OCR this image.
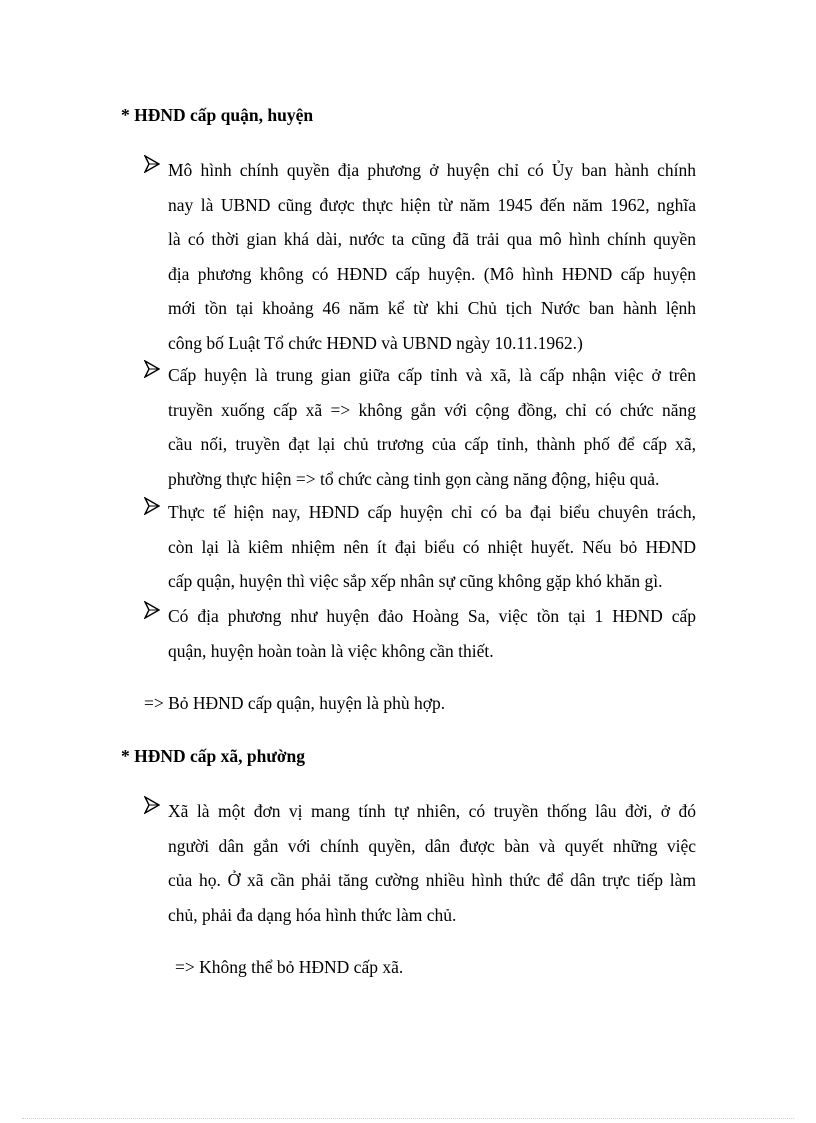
* HĐND cấp quận, huyện
Mô hình chính quyền địa phương ở huyện chỉ có Ủy ban hành chính
nay là UBND cũng được thực hiện từ năm 1945 đến năm 1962, nghĩa
là có thời gian khá dài, nước ta cũng đã trải qua mô hình chính quyền
địa phương không có HĐND cấp huyện. (Mô hình HĐND cấp huyện
mới tồn tại khoảng 46 năm kể từ khi Chủ tịch Nước ban hành lệnh
công bố Luật Tổ chức HĐND và UBND ngày 10.11.1962.)
Cấp huyện là trung gian giữa cấp tỉnh và xã, là cấp nhận việc ở trên
truyền xuống cấp xã => không gắn với cộng đồng, chỉ có chức năng
cầu nối, truyền đạt lại chủ trương của cấp tỉnh, thành phố để cấp xã,
phường thực hiện => tổ chức càng tinh gọn càng năng động, hiệu quả.
Thực tế hiện nay, HĐND cấp huyện chỉ có ba đại biểu chuyên trách,
còn lại là kiêm nhiệm nên ít đại biểu có nhiệt huyết. Nếu bỏ HĐND
cấp quận, huyện thì việc sắp xếp nhân sự cũng không gặp khó khăn gì.
Có địa phương như huyện đảo Hoàng Sa, việc tồn tại 1 HĐND cấp
quận, huyện hoàn toàn là việc không cần thiết.
=> Bỏ HĐND cấp quận, huyện là phù hợp.
* HĐND cấp xã, phường
Xã là một đơn vị mang tính tự nhiên, có truyền thống lâu đời, ở đó
người dân gắn với chính quyền, dân được bàn và quyết những việc
của họ. Ở xã cần phải tăng cường nhiều hình thức để dân trực tiếp làm
chủ, phải đa dạng hóa hình thức làm chủ.
=> Không thể bỏ HĐND cấp xã.
